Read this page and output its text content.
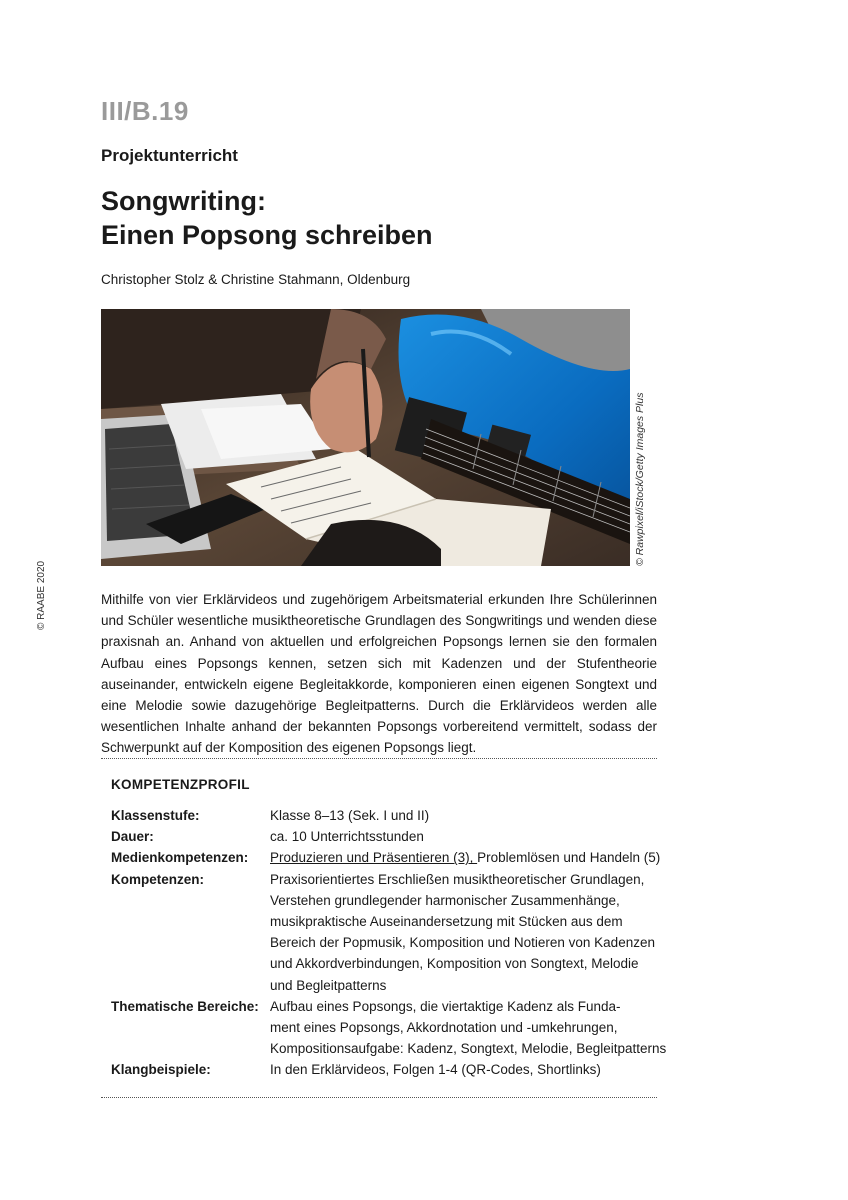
III/B.19
Projektunterricht
Songwriting:
Einen Popsong schreiben
Christopher Stolz & Christine Stahmann, Oldenburg
© Rawpixel/iStock/Getty Images Plus
© RAABE 2020	Mithilfe von vier Erklärvideos und zugehörigem Arbeitsmaterial erkunden Ihre Schülerinnen und Schüler wesentliche musiktheoretische Grundlagen des Songwritings und wenden diese praxisnah an. Anhand von aktuellen und erfolgreichen Popsongs lernen sie den formalen Aufbau eines Popsongs kennen, setzen sich mit Kadenzen und der Stufentheorie auseinander, entwickeln eigene Begleitakkorde, komponieren einen eigenen Songtext und eine Melodie sowie dazugehörige Begleitpatterns. Durch die Erklärvideos werden alle wesentlichen Inhalte anhand der bekannten Popsongs vorbereitend vermittelt, sodass der Schwerpunkt auf der Komposition des eigenen Popsongs liegt.

KOMPETENZPROFIL
Klassenstufe:	Klasse 8–13 (Sek. I und II)
Dauer:	ca. 10 Unterrichtsstunden
Medienkompetenzen:	Produzieren und Präsentieren (3), Problemlösen und Handeln (5)
Kompetenzen:	Praxisorientiertes Erschließen musiktheoretischer Grundlagen,
Verstehen grundlegender harmonischer Zusammenhänge,
musikpraktische Auseinandersetzung mit Stücken aus dem
Bereich der Popmusik, Komposition und Notieren von Kadenzen
und Akkordverbindungen, Komposition von Songtext, Melodie
und Begleitpatterns
Thematische Bereiche: Aufbau eines Popsongs, die viertaktige Kadenz als Funda-
ment eines Popsongs, Akkordnotation und -umkehrungen,
Kompositionsaufgabe: Kadenz, Songtext, Melodie, Begleitpatterns
Klangbeispiele:	In den Erklärvideos, Folgen 1-4 (QR-Codes, Shortlinks)
